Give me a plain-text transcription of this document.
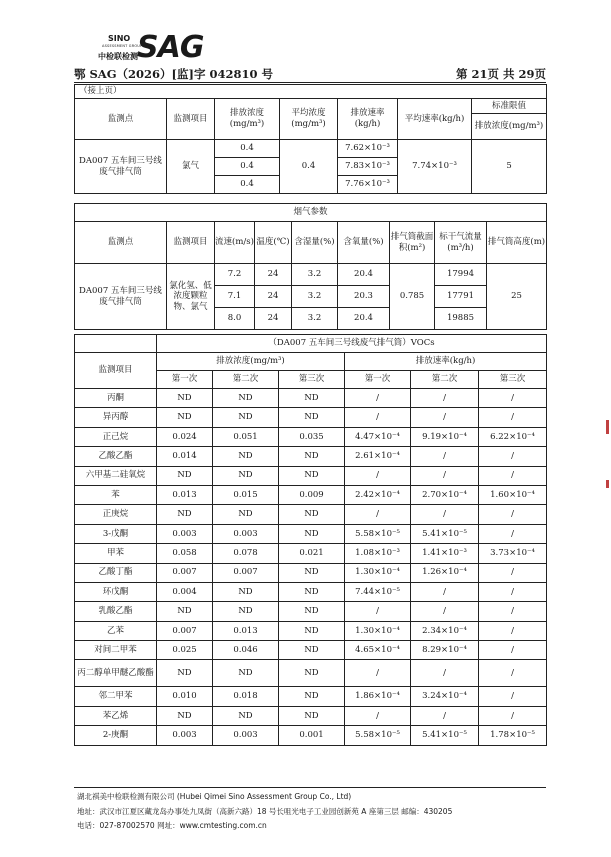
SINO
ASSESSMENT GROUP
中检联检测 SAG
鄂 SAG（2026）[监]字 042810 号	第 21页 共 29页
（接上页）						
监测点	监测项目	排放浓度(mg/m³)	平均浓度(mg/m³)	排放速率(kg/h)	平均速率(kg/h)	标准限值
						排放浓度(mg/m³)
DA007 五车间三号线废气排气筒	氯气	0.4	0.4	7.62×10⁻³	7.74×10⁻³	5
		0.4		7.83×10⁻³		
		0.4		7.76×10⁻³		
烟气参数								
监测点	监测项目	流速(m/s)	温度(℃)	含湿量(%)	含氧量(%)	排气筒截面积(m²)	标干气流量(m³/h)	排气筒高度(m)
DA007 五车间三号线废气排气筒	氯化氢、低浓度颗粒物、氯气	7.2	24	3.2	20.4	0.785	17994	25
		7.1	24	3.2	20.3		17791	
		8.0	24	3.2	20.4		19885	
	（DA007 五车间三号线废气排气筒）VOCs					
监测项目	排放浓度(mg/m³)			排放速率(kg/h)		
	第一次	第二次	第三次	第一次	第二次	第三次
丙酮	ND	ND	ND	/	/	/
异丙醇	ND	ND	ND	/	/	/
正己烷	0.024	0.051	0.035	4.47×10⁻⁴	9.19×10⁻⁴	6.22×10⁻⁴
乙酸乙酯	0.014	ND	ND	2.61×10⁻⁴	/	/
六甲基二硅氧烷	ND	ND	ND	/	/	/
苯	0.013	0.015	0.009	2.42×10⁻⁴	2.70×10⁻⁴	1.60×10⁻⁴
正庚烷	ND	ND	ND	/	/	/
3-戊酮	0.003	0.003	ND	5.58×10⁻⁵	5.41×10⁻⁵	/
甲苯	0.058	0.078	0.021	1.08×10⁻³	1.41×10⁻³	3.73×10⁻⁴
乙酸丁酯	0.007	0.007	ND	1.30×10⁻⁴	1.26×10⁻⁴	/
环戊酮	0.004	ND	ND	7.44×10⁻⁵	/	/
乳酸乙酯	ND	ND	ND	/	/	/
乙苯	0.007	0.013	ND	1.30×10⁻⁴	2.34×10⁻⁴	/
对间二甲苯	0.025	0.046	ND	4.65×10⁻⁴	8.29×10⁻⁴	/
丙二醇单甲醚乙酸酯	ND	ND	ND	/	/	/
邻二甲苯	0.010	0.018	ND	1.86×10⁻⁴	3.24×10⁻⁴	/
苯乙烯	ND	ND	ND	/	/	/
2-庚酮	0.003	0.003	0.001	5.58×10⁻⁵	5.41×10⁻⁵	1.78×10⁻⁵
湖北祺美中检联检测有限公司 (Hubei Qimei Sino Assessment Group Co., Ltd)
地址：武汉市江夏区藏龙岛办事处九凤街（高新六路）18 号长咀光电子工业园创新苑 A 座第三层 邮编：430205
电话：027-87002570 网址：www.cmtesting.com.cn
